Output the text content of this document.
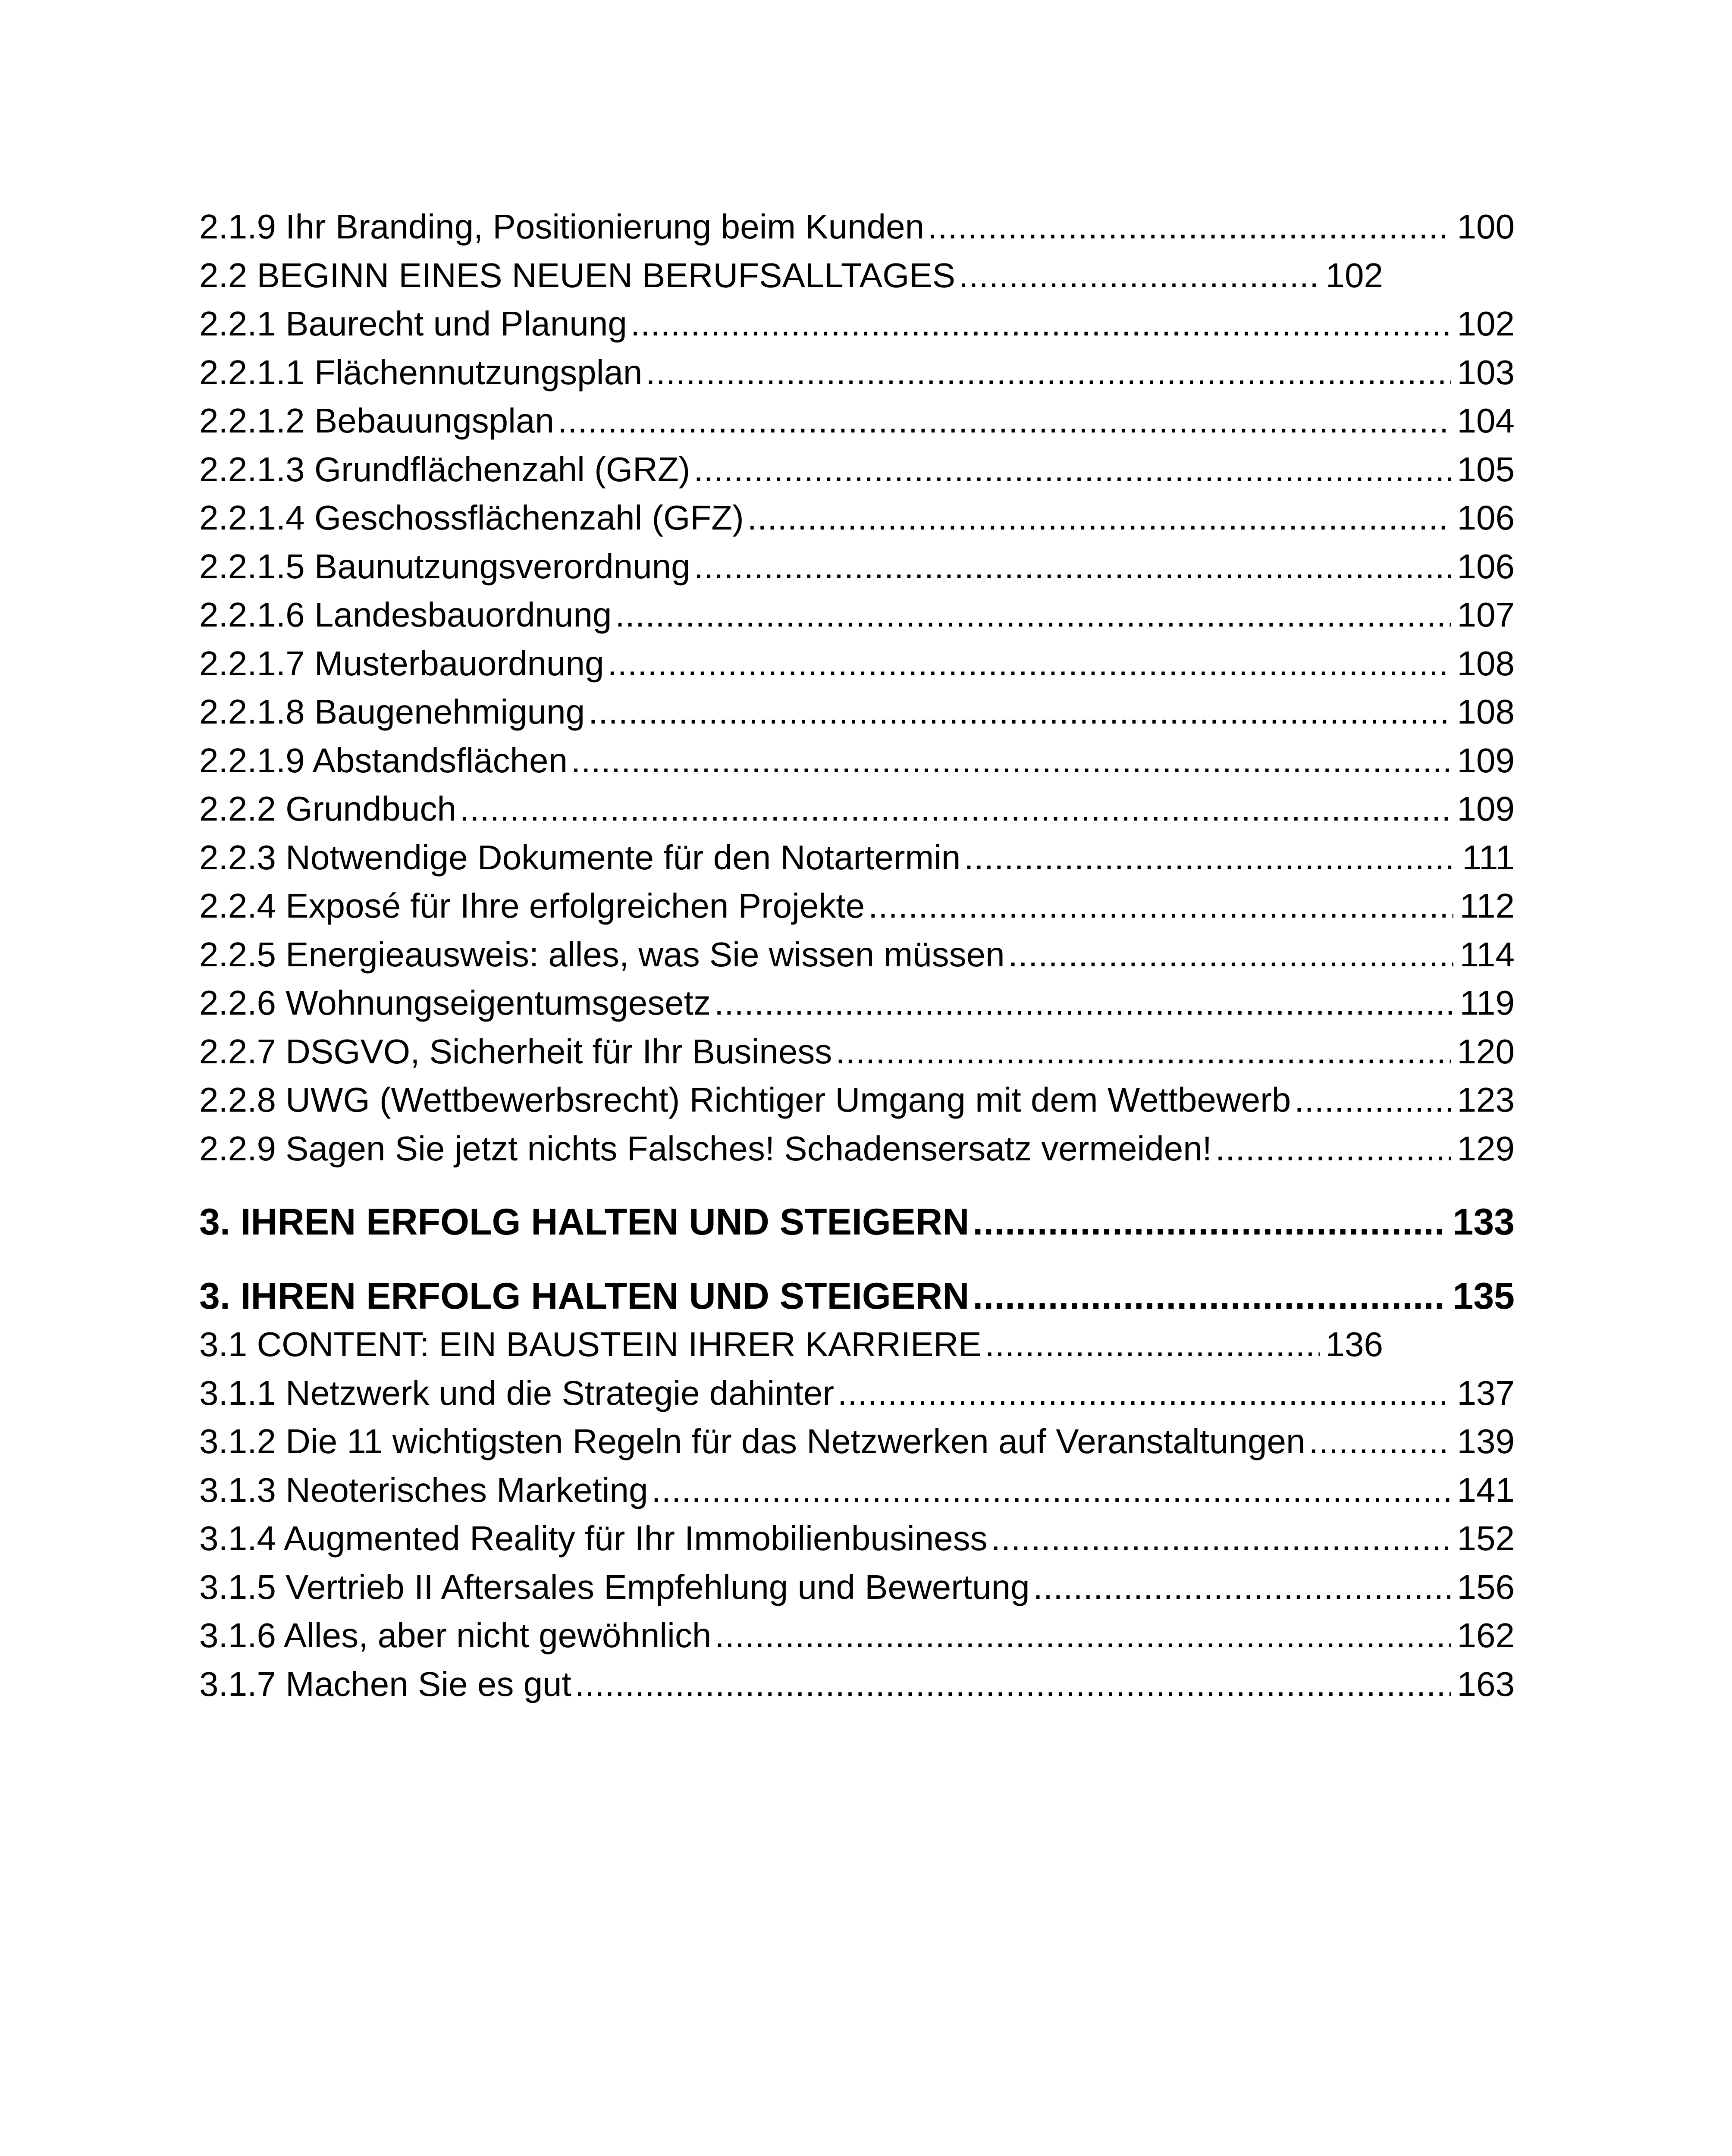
2.1.9 Ihr Branding, Positionierung beim Kunden .....	100
2.2 BEGINN EINES NEUEN BERUFSALLTAGES .....	102
2.2.1 Baurecht und Planung .....	102
2.2.1.1 Flächennutzungsplan .....	103
2.2.1.2 Bebauungsplan .....	104
2.2.1.3 Grundflächenzahl (GRZ) .....	105
2.2.1.4 Geschossflächenzahl (GFZ) .....	106
2.2.1.5 Baunutzungsverordnung .....	106
2.2.1.6 Landesbauordnung .....	107
2.2.1.7 Musterbauordnung .....	108
2.2.1.8 Baugenehmigung .....	108
2.2.1.9 Abstandsflächen .....	109
2.2.2 Grundbuch .....	109
2.2.3 Notwendige Dokumente für den Notartermin .....	111
2.2.4 Exposé für Ihre erfolgreichen Projekte .....	112
2.2.5 Energieausweis: alles, was Sie wissen müssen .....	114
2.2.6 Wohnungseigentumsgesetz .....	119
2.2.7 DSGVO, Sicherheit für Ihr Business .....	120
2.2.8 UWG (Wettbewerbsrecht) Richtiger Umgang mit dem Wettbewerb .....	123
2.2.9 Sagen Sie jetzt nichts Falsches! Schadensersatz vermeiden! .....	129
3. IHREN ERFOLG HALTEN UND STEIGERN .....	133
3. IHREN ERFOLG HALTEN UND STEIGERN .....	135
3.1 CONTENT: EIN BAUSTEIN IHRER KARRIERE .....	136
3.1.1 Netzwerk und die Strategie dahinter .....	137
3.1.2 Die 11 wichtigsten Regeln für das Netzwerken auf Veranstaltungen .....	139
3.1.3 Neoterisches Marketing .....	141
3.1.4 Augmented Reality für Ihr Immobilienbusiness .....	152
3.1.5 Vertrieb II Aftersales Empfehlung und Bewertung .....	156
3.1.6 Alles, aber nicht gewöhnlich .....	162
3.1.7 Machen Sie es gut .....	163
